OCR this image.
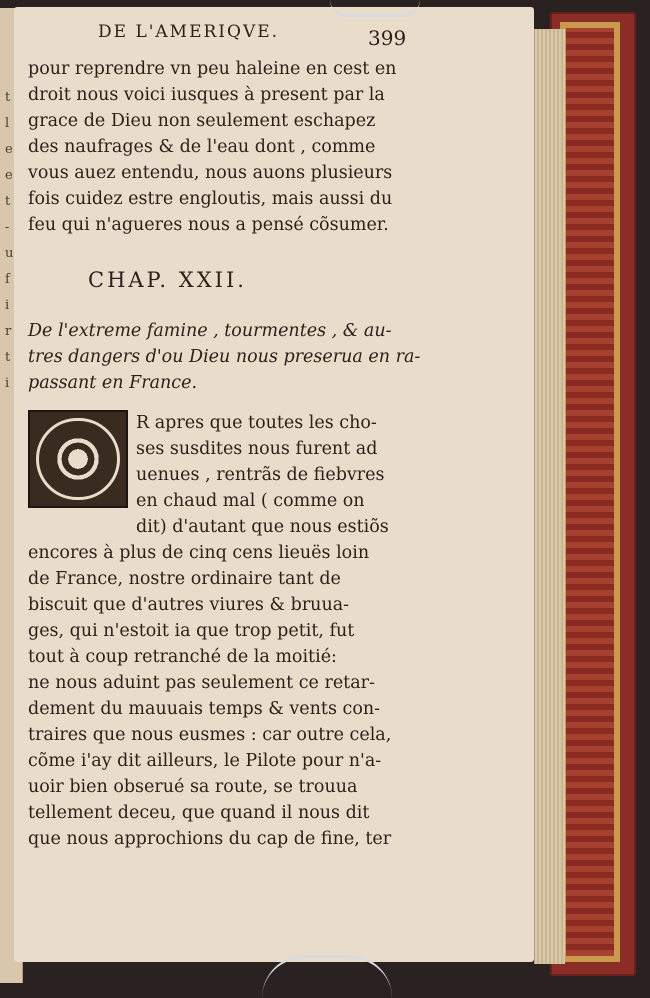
t
l
e
e
t
-
u
f
i
r
t
i
DE L'AMERIQVE.	399
pour reprendre vn peu haleine en cest en
droit nous voici iusques à present par la
grace de Dieu non seulement eschapez
des naufrages & de l'eau dont , comme
vous auez entendu, nous auons plusieurs
fois cuidez estre engloutis, mais aussi du
feu qui n'agueres nous a pensé cõsumer.
CHAP. XXII.
De l'extreme famine , tourmentes , & au-
tres dangers d'ou Dieu nous preserua en ra-
passant en France.
R apres que toutes les cho-
ses susdites nous furent ad
uenues , rentrãs de fiebvres
en chaud mal ( comme on
dit) d'autant que nous estiõs
encores à plus de cinq cens lieuës loin
de France, nostre ordinaire tant de
biscuit que d'autres viures & bruua-
ges, qui n'estoit ia que trop petit, fut
tout à coup retranché de la moitié:
ne nous aduint pas seulement ce retar-
dement du mauuais temps & vents con-
traires que nous eusmes : car outre cela,
cõme i'ay dit ailleurs, le Pilote pour n'a-
uoir bien obserué sa route, se trouua
tellement deceu, que quand il nous dit
que nous approchions du cap de fine, ter
